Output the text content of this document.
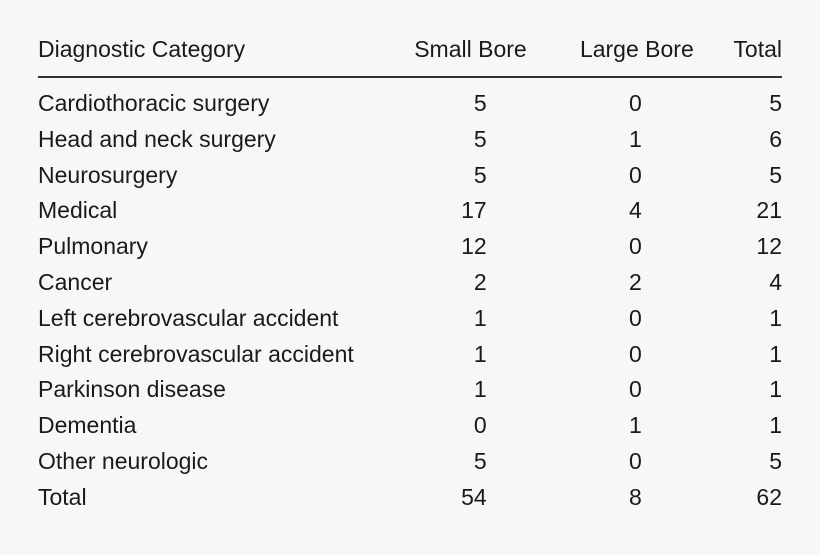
Diagnostic Category	Small Bore	Large Bore	Total
Cardiothoracic surgery	5	0	5
Head and neck surgery	5	1	6
Neurosurgery	5	0	5
Medical	17	4	21
Pulmonary	12	0	12
Cancer	2	2	4
Left cerebrovascular accident	1	0	1
Right cerebrovascular accident	1	0	1
Parkinson disease	1	0	1
Dementia	0	1	1
Other neurologic	5	0	5
Total	54	8	62
